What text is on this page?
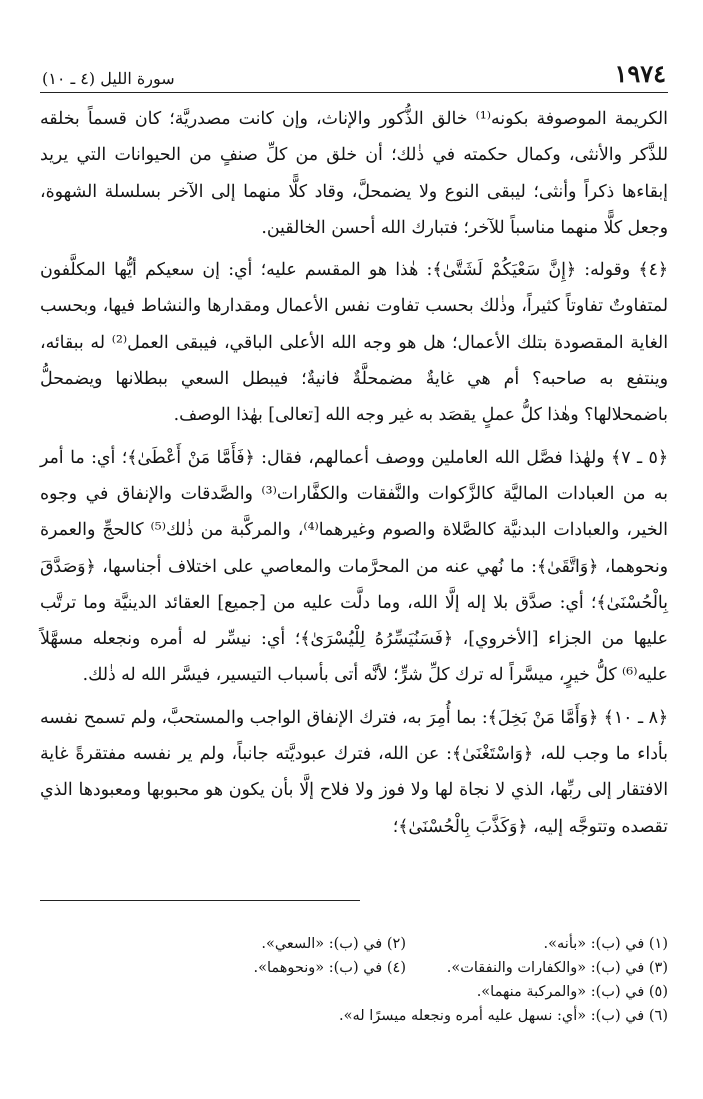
١٩٧٤
سورة الليل (٤ ـ ١٠)

الكريمة الموصوفة بكونه⁽¹⁾ خالق الذُّكور والإناث، وإن كانت مصدريَّة؛ كان قسماً بخلقه للذَّكر والأنثى، وكمال حكمته في ذٰلك؛ أن خلق من كلِّ صنفٍ من الحيوانات التي يريد إبقاءها ذكراً وأنثى؛ ليبقى النوع ولا يضمحلَّ، وقاد كلًّا منهما إلى الآخر بسلسلة الشهوة، وجعل كلًّا منهما مناسباً للآخر؛ فتبارك الله أحسن الخالقين.

﴿٤﴾ وقوله: ﴿إِنَّ سَعْيَكُمْ لَشَتَّىٰ﴾: هٰذا هو المقسم عليه؛ أي: إن سعيكم أيُّها المكلَّفون لمتفاوتٌ تفاوتاً كثيراً، وذٰلك بحسب تفاوت نفس الأعمال ومقدارها والنشاط فيها، وبحسب الغاية المقصودة بتلك الأعمال؛ هل هو وجه الله الأعلى الباقي، فيبقى العمل⁽²⁾ له ببقائه، وينتفع به صاحبه؟ أم هي غايةٌ مضمحلَّةٌ فانيةٌ؛ فيبطل السعي ببطلانها ويضمحلُّ باضمحلالها؟ وهٰذا كلُّ عملٍ يقصَد به غير وجه الله [تعالى] بهٰذا الوصف.

﴿٥ ـ ٧﴾ ولهٰذا فصَّل الله العاملين ووصف أعمالهم، فقال: ﴿فَأَمَّا مَنْ أَعْطَىٰ﴾؛ أي: ما أمر به من العبادات الماليَّة كالزَّكوات والنَّفقات والكفَّارات⁽³⁾ والصَّدقات والإنفاق في وجوه الخير، والعبادات البدنيَّة كالصَّلاة والصوم وغيرهما⁽⁴⁾، والمركَّبة من ذٰلك⁽⁵⁾ كالحجِّ والعمرة ونحوهما، ﴿وَاتَّقَىٰ﴾: ما نُهي عنه من المحرَّمات والمعاصي على اختلاف أجناسها، ﴿وَصَدَّقَ بِالْحُسْنَىٰ﴾؛ أي: صدَّق بلا إله إلَّا الله، وما دلَّت عليه من [جميع] العقائد الدينيَّة وما ترتَّب عليها من الجزاء [الأخروي]، ﴿فَسَنُيَسِّرُهُ لِلْيُسْرَىٰ﴾؛ أي: نيسِّر له أمره ونجعله مسهَّلاً عليه⁽⁶⁾ كلُّ خيرٍ، ميسَّراً له ترك كلِّ شرٍّ؛ لأنَّه أتى بأسباب التيسير، فيسَّر الله له ذٰلك.

﴿٨ ـ ١٠﴾ ﴿وَأَمَّا مَنْ بَخِلَ﴾: بما أُمِرَ به، فترك الإنفاق الواجب والمستحبَّ، ولم تسمح نفسه بأداء ما وجب لله، ﴿وَاسْتَغْنَىٰ﴾: عن الله، فترك عبوديَّته جانباً، ولم ير نفسه مفتقرةً غاية الافتقار إلى ربِّها، الذي لا نجاة لها ولا فوز ولا فلاح إلَّا بأن يكون هو محبوبها ومعبودها الذي تقصده وتتوجَّه إليه، ﴿وَكَذَّبَ بِالْحُسْنَىٰ﴾؛

(١) في (ب): «بأنه».
(٢) في (ب): «السعي».
(٣) في (ب): «والكفارات والنفقات».
(٤) في (ب): «ونحوهما».
(٥) في (ب): «والمركبة منهما».
(٦) في (ب): «أي: نسهل عليه أمره ونجعله ميسرًا له».
